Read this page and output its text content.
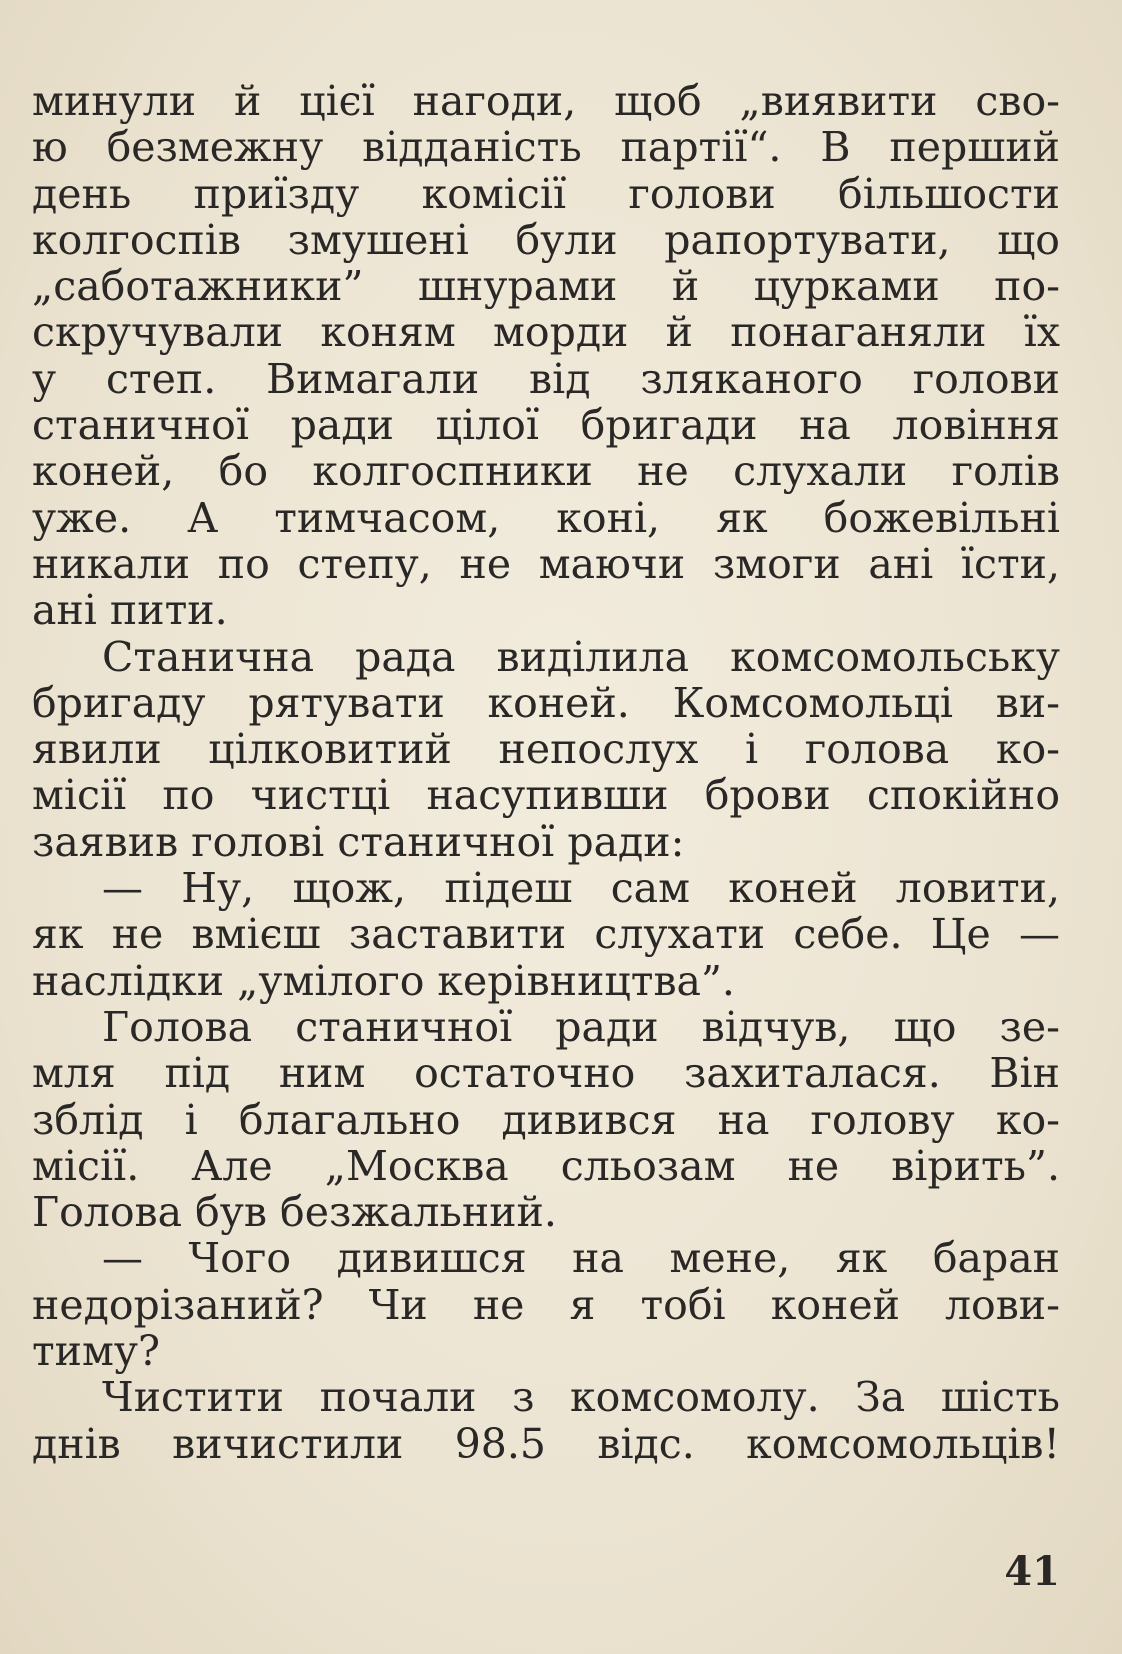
минули й цієї нагоди, щоб „виявити сво-
ю безмежну відданість партії“. В перший
день приїзду комісії голови більшости
колгоспів змушені були рапортувати, що
„саботажники” шнурами й цурками по-
скручували коням морди й понаганяли їх
у степ. Вимагали від зляканого голови
станичної ради цілої бригади на ловіння
коней, бо колгоспники не слухали голів
уже. А тимчасом, коні, як божевільні
никали по степу, не маючи змоги ані їсти,
ані пити.
Станична рада виділила комсомольську
бригаду рятувати коней. Комсомольці ви-
явили цілковитий непослух і голова ко-
місії по чистці насупивши брови спокійно
заявив голові станичної ради:
— Ну, щож, підеш сам коней ловити,
як не вмієш заставити слухати себе. Це —
наслідки „умілого керівництва”.
Голова станичної ради відчув, що зе-
мля під ним остаточно захиталася. Він
зблід і благально дивився на голову ко-
місії. Але „Москва сльозам не вірить”.
Голова був безжальний.
— Чого дивишся на мене, як баран
недорізаний? Чи не я тобі коней лови-
тиму?
Чистити почали з комсомолу. За шість
днів вичистили 98.5 відс. комсомольців!
41
